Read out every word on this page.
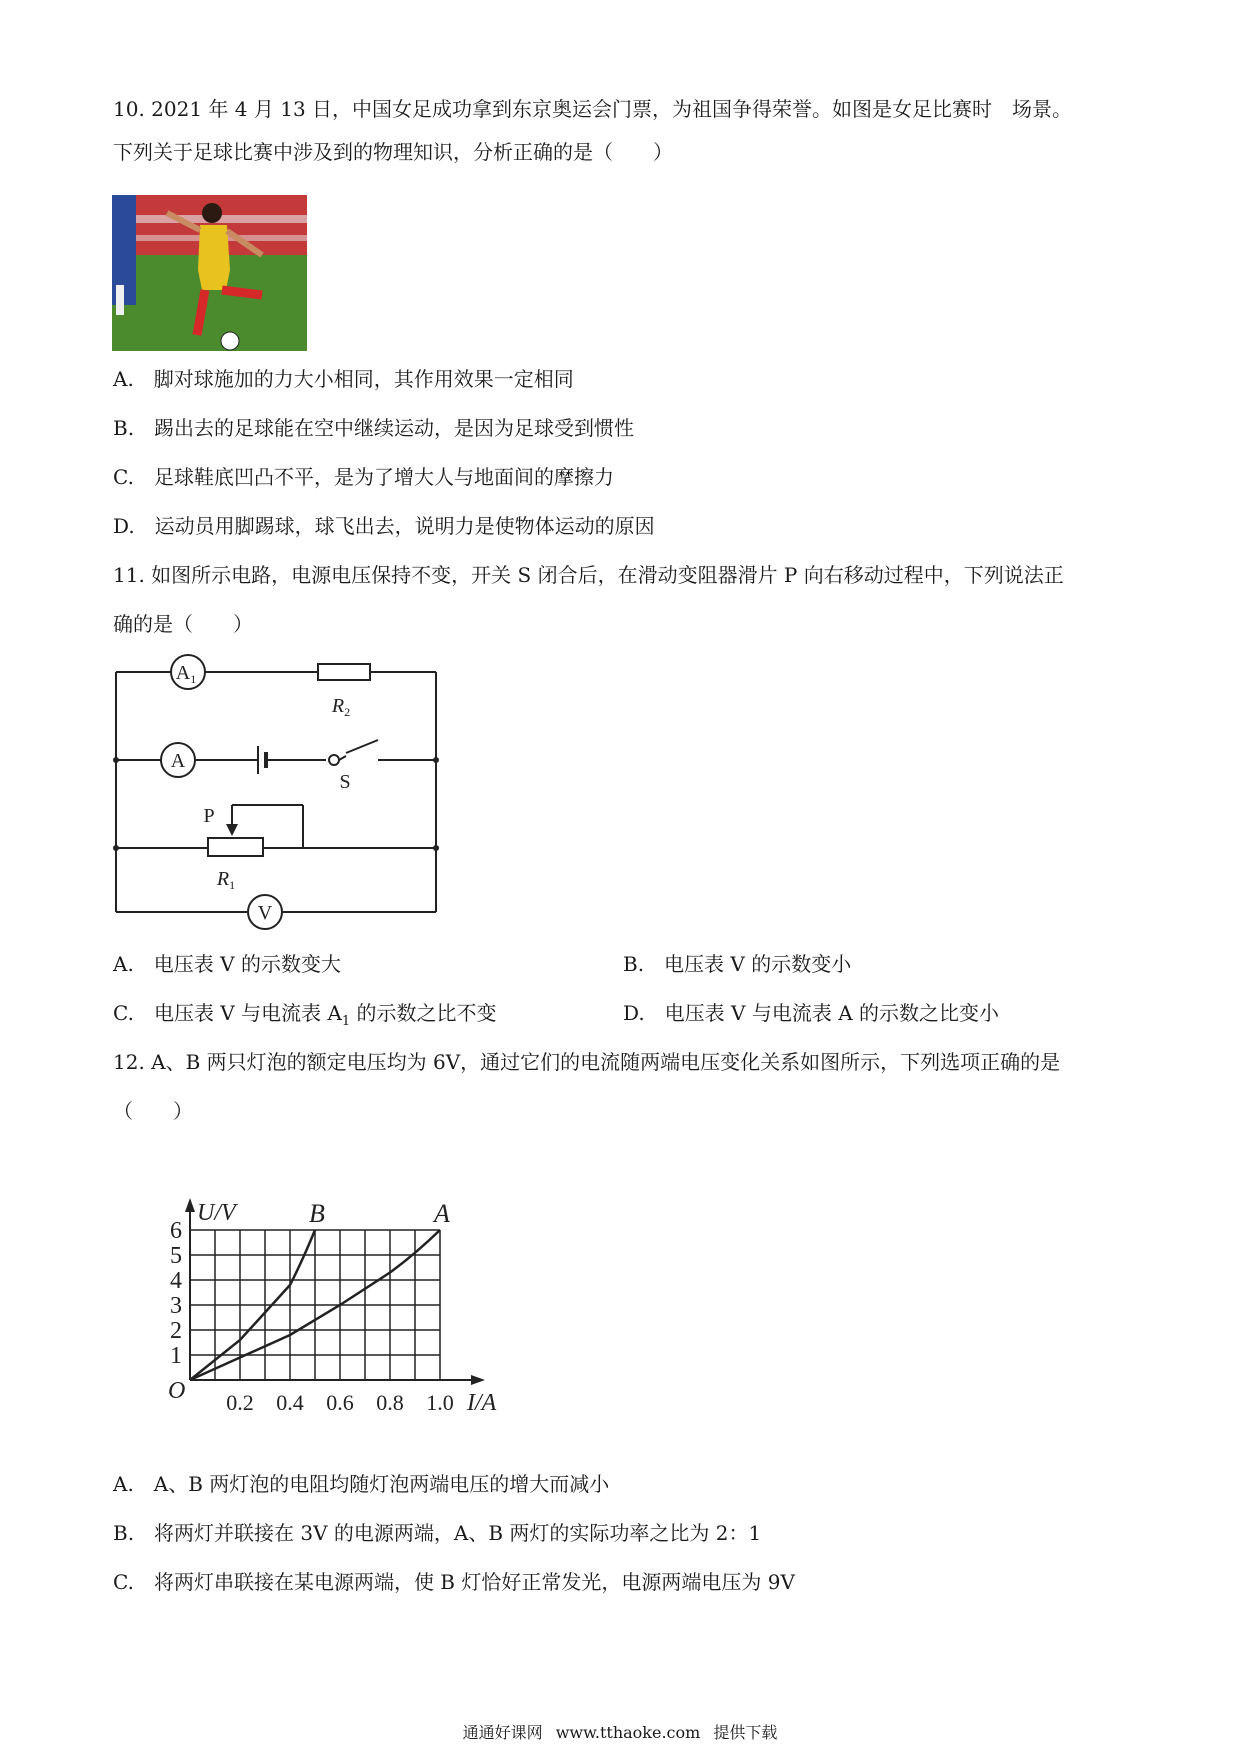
10. 2021 年 4 月 13 日，中国女足成功拿到东京奥运会门票，为祖国争得荣誉。如图是女足比赛时　场景。
下列关于足球比赛中涉及到的物理知识，分析正确的是（　　）
A.　脚对球施加的力大小相同，其作用效果一定相同
B.　踢出去的足球能在空中继续运动，是因为足球受到惯性
C.　足球鞋底凹凸不平，是为了增大人与地面间的摩擦力
D.　运动员用脚踢球，球飞出去，说明力是使物体运动的原因
11. 如图所示电路，电源电压保持不变，开关 S 闭合后，在滑动变阻器滑片 P 向右移动过程中，下列说法正
确的是（　　）
$A_1$
A
V
$R_2$
$R_1$
P
S
A.　电压表 V 的示数变大	B.　电压表 V 的示数变小
C.　电压表 V 与电流表 $A_1$ 的示数之比不变	D.　电压表 V 与电流表 A 的示数之比变小
12. A、B 两只灯泡的额定电压均为 6V，通过它们的电流随两端电压变化关系如图所示，下列选项正确的是
（　　）
U/V
I/A
O
1
2
3
4
5
6
0.2 0.4 0.6 0.8 1.0
B	A
A.　A、B 两灯泡的电阻均随灯泡两端电压的增大而减小
B.　将两灯并联接在 3V 的电源两端，A、B 两灯的实际功率之比为 2：1
C.　将两灯串联接在某电源两端，使 B 灯恰好正常发光，电源两端电压为 9V
通通好课网 www.tthaoke.com 提供下载
